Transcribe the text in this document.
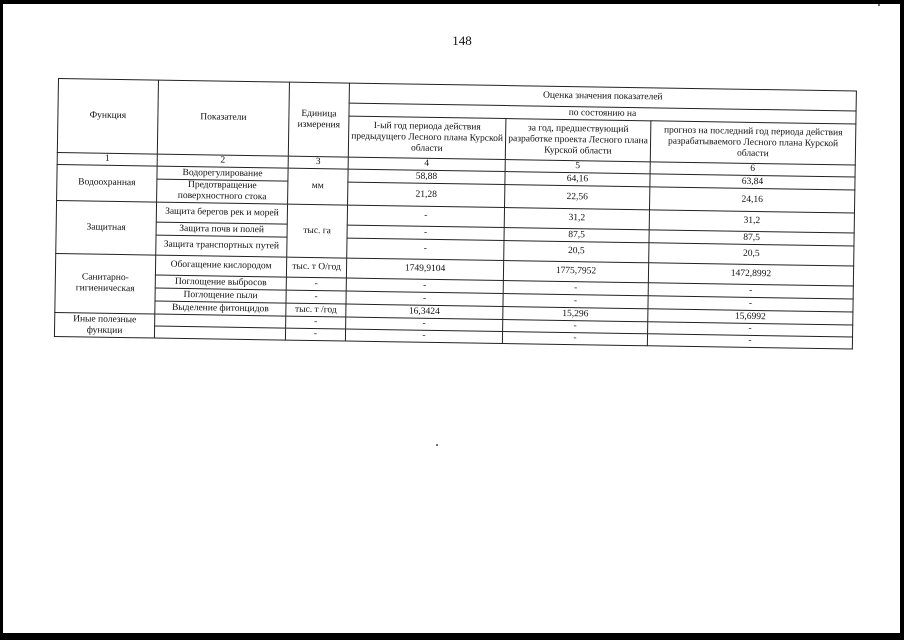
148
Функция	Показатели	Единица измерения	Оценка значения показателей		
			по состоянию на		
			I-ый год периода действия предыдущего Лесного плана Курской области	за год, предшествующий разработке проекта Лесного плана Курской области	прогноз на последний год периода действия разрабатываемого Лесного плана Курской области
1	2	3	4	5	6
Водоохранная	Водорегулирование	мм	58,88	64,16	63,84
	Предотвращение поверхностного стока		21,28	22,56	24,16
Защитная	Защита берегов рек и морей	тыс. га	-	31,2	31,2
	Защита почв и полей		-	87,5	87,5
	Защита транспортных путей		-	20,5	20,5
Санитарно-гигиеническая	Обогащение кислородом	тыс. т О/год	1749,9104	1775,7952	1472,8992
	Поглощение выбросов	-	-	-	-
	Поглощение пыли	-	-	-	-
	Выделение фитонцидов	тыс. т /год	16,3424	15,296	15,6992
Иные полезные функции		-	-	-	-
		-	-	-	-
